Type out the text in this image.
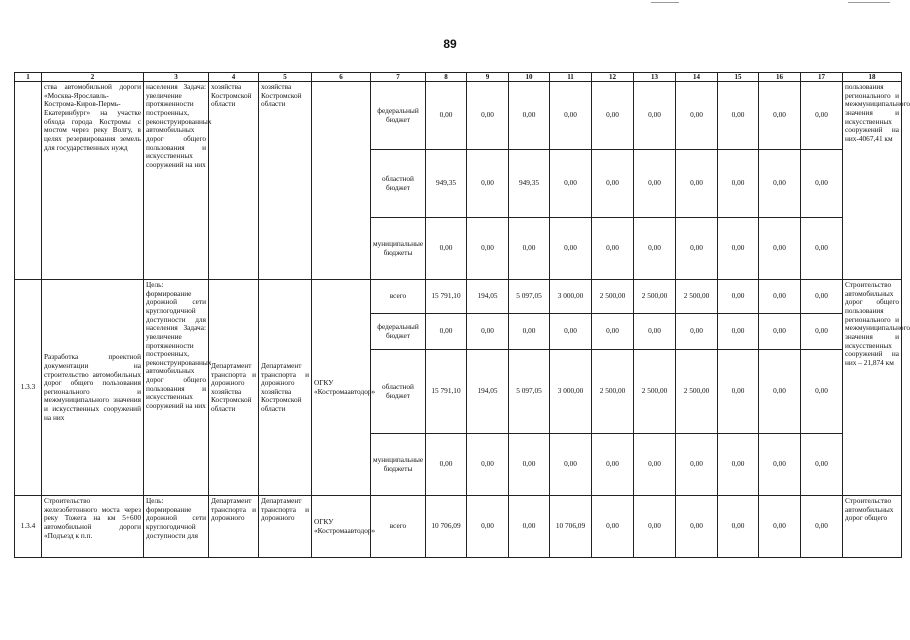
89
1	2	3	4	5	6	7	8	9	10	11	12	13	14	15	16	17	18
	ства автомобильной дороги «Москва-Ярославль-Кострома-Киров-Пермь-Екатеринбург» на участке обхода города Костромы с мостом через реку Волгу, в целях резервирования земель для государственных нужд	населения Задача: увеличение протяженности построенных, реконструированных автомобильных дорог общего пользования и искусственных сооружений на них	хозяйства Костромской области	хозяйства Костромской области		федеральный бюджет	0,00	0,00	0,00	0,00	0,00	0,00	0,00	0,00	0,00	0,00	пользования регионального и межмуниципального значения и искусственных сооружений на них-4067,41 км
						областной бюджет	949,35	0,00	949,35	0,00	0,00	0,00	0,00	0,00	0,00	0,00	
						муниципальные бюджеты	0,00	0,00	0,00	0,00	0,00	0,00	0,00	0,00	0,00	0,00	
1.3.3	Разработка проектной документации на строительство автомобильных дорог общего пользования регионального и межмуниципального значения и искусственных сооружений на них	Цель: формирование дорожной сети круглогодичной доступности для населения Задача: увеличение протяженности построенных, реконструированных автомобильных дорог общего пользования и искусственных сооружений на них	Департамент транспорта и дорожного хозяйства Костромской области	Департамент транспорта и дорожного хозяйства Костромской области	ОГКУ «Костромаавтодор»	всего	15 791,10	194,05	5 097,05	3 000,00	2 500,00	2 500,00	2 500,00	0,00	0,00	0,00	Строительство автомобильных дорог общего пользования регионального и межмуниципального значения и искусственных сооружений на них – 21,874 км
						федеральный бюджет	0,00	0,00	0,00	0,00	0,00	0,00	0,00	0,00	0,00	0,00	
						областной бюджет	15 791,10	194,05	5 097,05	3 000,00	2 500,00	2 500,00	2 500,00	0,00	0,00	0,00	
						муниципальные бюджеты	0,00	0,00	0,00	0,00	0,00	0,00	0,00	0,00	0,00	0,00	
1.3.4	Строительство железобетонного моста через реку Тожега на км 5+600 автомобильной дороги «Подъезд к п.п.	Цель: формирование дорожной сети круглогодичной доступности для	Департамент транспорта и дорожного	Департамент транспорта и дорожного	ОГКУ «Костромаавтодор»	всего	10 706,09	0,00	0,00	10 706,09	0,00	0,00	0,00	0,00	0,00	0,00	Строительство автомобильных дорог общего
